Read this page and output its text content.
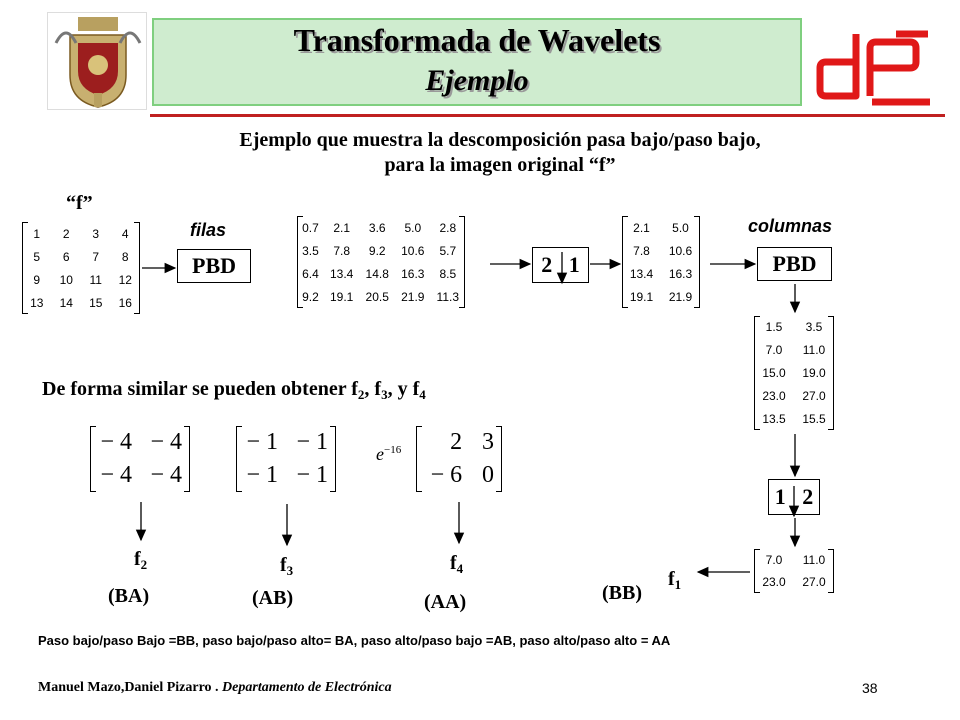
Transformada de Wavelets
Ejemplo
Ejemplo que muestra la descomposición pasa bajo/paso bajo,
para la imagen original “f”
“f”
1	2	3	4
5	6	7	8
9	10	11	12
13	14	15	16
filas
PBD
0.7	2.1	3.6	5.0	2.8
3.5	7.8	9.2	10.6	5.7
6.4	13.4	14.8	16.3	8.5
9.2	19.1	20.5	21.9	11.3
2   1
2.1	5.0
7.8	10.6
13.4	16.3
19.1	21.9
columnas
PBD
1.5	3.5
7.0	11.0
15.0	19.0
23.0	27.0
13.5	15.5
1   2
7.0	11.0
23.0	27.0
$f_1$
(BB)
De forma similar se pueden obtener $f_2$, $f_3$, y $f_4$
− 4	− 4
− 4	− 4
$f_2$
(BA)
− 1	− 1
− 1	− 1
$f_3$
(AB)
$e^{-16}$ 2	3
− 6	0
$f_4$
(AA)
Paso bajo/paso Bajo =BB, paso bajo/paso alto= BA, paso alto/paso bajo =AB, paso alto/paso alto = AA
Manuel Mazo,Daniel Pizarro . Departamento de Electrónica	38
